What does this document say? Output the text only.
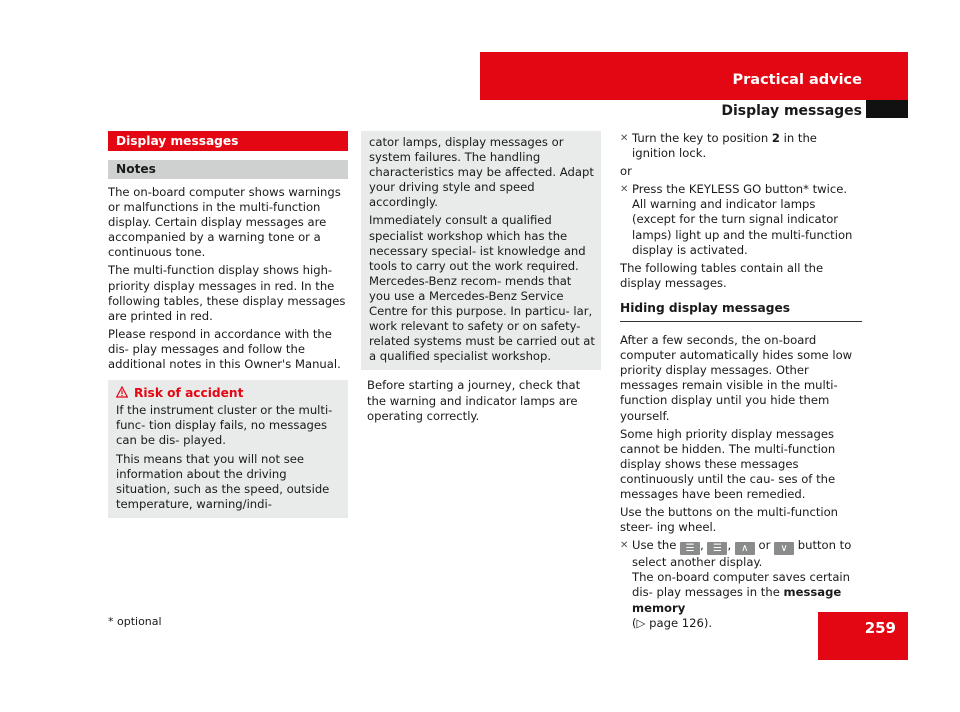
Practical advice
Display messages
Display messages
Notes

The on-board computer shows warnings or malfunctions in the multi-function display. Certain display messages are accompanied by a warning tone or a continuous tone.

The multi-function display shows high-priority display messages in red. In the following tables, these display messages are printed in red.

Please respond in accordance with the dis- play messages and follow the additional notes in this Owner's Manual.

Risk of accident

If the instrument cluster or the multi-func- tion display fails, no messages can be dis- played.

This means that you will not see information about the driving situation, such as the speed, outside temperature, warning/indi-

cator lamps, display messages or system failures. The handling characteristics may be affected. Adapt your driving style and speed accordingly.

Immediately consult a qualified specialist workshop which has the necessary special- ist knowledge and tools to carry out the work required. Mercedes-Benz recom- mends that you use a Mercedes-Benz Service Centre for this purpose. In particu- lar, work relevant to safety or on safety- related systems must be carried out at a qualified specialist workshop.

Before starting a journey, check that the warning and indicator lamps are operating correctly.

✕ Turn the key to position 2 in the ignition lock.

or

✕ Press the KEYLESS GO button* twice.
All warning and indicator lamps (except for the turn signal indicator lamps) light up and the multi-function display is activated.

The following tables contain all the display messages.

Hiding display messages

After a few seconds, the on-board computer automatically hides some low priority display messages. Other messages remain visible in the multi-function display until you hide them yourself.

Some high priority display messages cannot be hidden. The multi-function display shows these messages continuously until the cau- ses of the messages have been remedied.

Use the buttons on the multi-function steer- ing wheel.

✕ Use the ☰ , ☰ , ∧ or ∨ button to select another display.
The on-board computer saves certain dis- play messages in the message memory
(▷ page 126).
* optional	259
